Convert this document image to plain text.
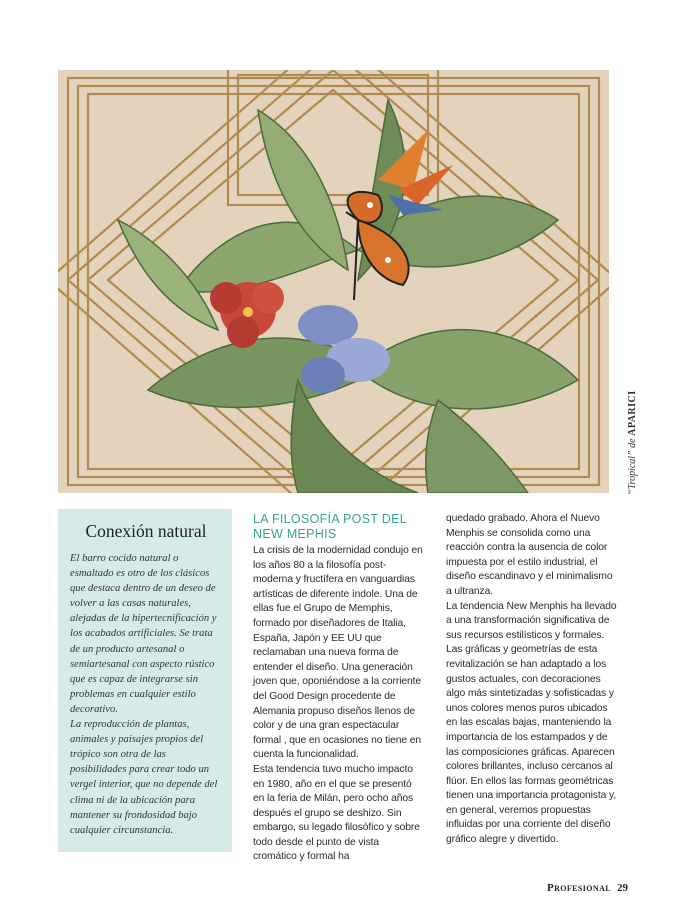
“Tropical” de APARICI
Conexión natural

El barro cocido natural o esmaltado es otro de los clásicos que destaca dentro de un deseo de volver a las casas naturales, alejadas de la hipertecnificación y los acabados artificiales. Se trata de un producto artesanal o semiartesanal con aspecto rústico que es capaz de integrarse sin problemas en cualquier estilo decorativo.

La reproducción de plantas, animales y paisajes propios del trópico son otra de las posibilidades para crear todo un vergel interior, que no depende del clima ni de la ubicación para mantener su frondosidad bajo cualquier circunstancia.

LA FILOSOFÍA POST DEL NEW MEPHIS

La crisis de la modernidad condujo en los años 80 a la filosofía post-moderna y fructífera en vanguardias artísticas de diferente índole. Una de ellas fue el Grupo de Memphis, formado por diseñadores de Italia, España, Japón y EE UU que reclamaban una nueva forma de entender el diseño. Una generación joven que, oponiéndose a la corriente del Good Design procedente de Alemania propuso diseños llenos de color y de una gran espectacular formal , que en ocasiones no tiene en cuenta la funcionalidad.

Esta tendencia tuvo mucho impacto en 1980, año en el que se presentó en la feria de Milán, pero ocho años después el grupo se deshizo. Sin embargo, su legado filosófico y sobre todo desde el punto de vista cromático y formal ha

quedado grabado. Ahora el Nuevo Menphis se consolida como una reacción contra la ausencia de color impuesta por el estilo industrial, el diseño escandinavo y el minimalismo a ultranza.

La tendencia New Menphis ha llevado a una transformación significativa de sus recursos estilísticos y formales. Las gráficas y geometrías de esta revitalización se han adaptado a los gustos actuales, con decoraciones algo más sintetizadas y sofisticadas y unos colores menos puros ubicados en las escalas bajas, manteniendo la importancia de los estampados y de las composiciones gráficas. Aparecen colores brillantes, incluso cercanos al flúor. En ellos las formas geométricas tienen una importancia protagonista y, en general, veremos propuestas influidas por una corriente del diseño gráfico alegre y divertido.

Profesional 29
